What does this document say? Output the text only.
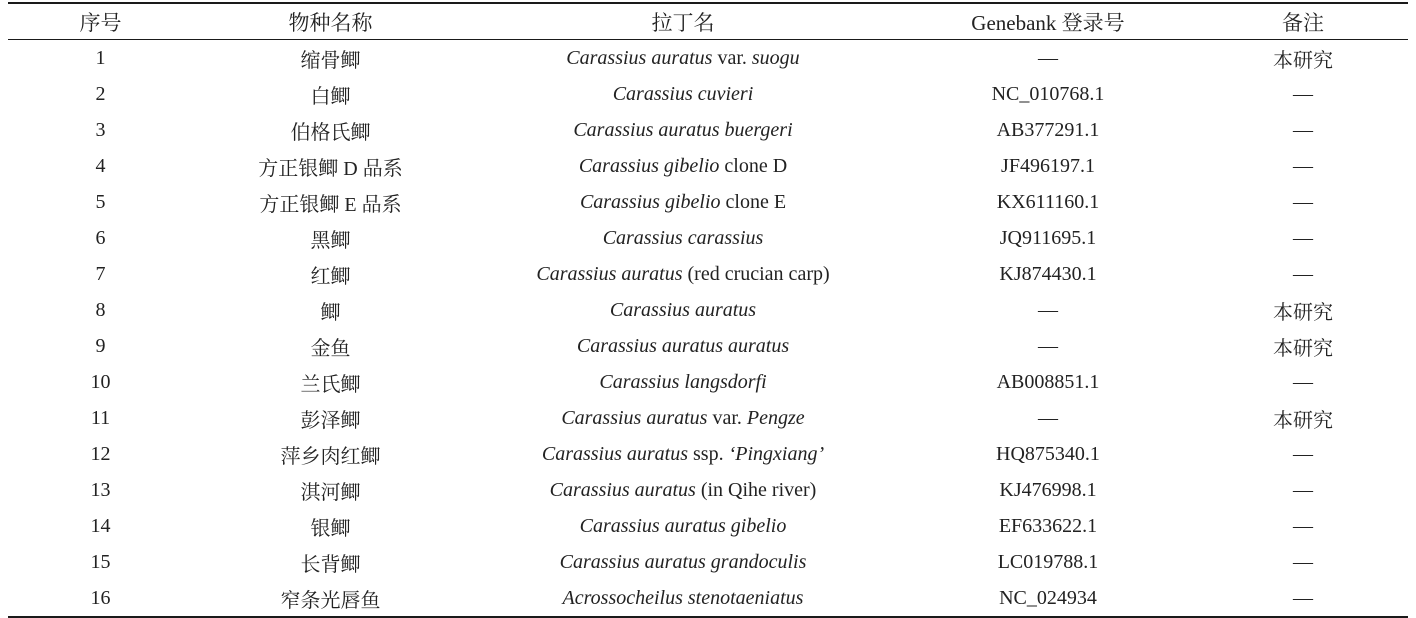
序号	物种名称	拉丁名	Genebank 登录号	备注
1	缩骨鲫	Carassius auratus var. suogu	—	本研究
2	白鲫	Carassius cuvieri	NC_010768.1	—
3	伯格氏鲫	Carassius auratus buergeri	AB377291.1	—
4	方正银鲫 D 品系	Carassius gibelio clone D	JF496197.1	—
5	方正银鲫 E 品系	Carassius gibelio clone E	KX611160.1	—
6	黑鲫	Carassius carassius	JQ911695.1	—
7	红鲫	Carassius auratus (red crucian carp)	KJ874430.1	—
8	鲫	Carassius auratus	—	本研究
9	金鱼	Carassius auratus auratus	—	本研究
10	兰氏鲫	Carassius langsdorfi	AB008851.1	—
11	彭泽鲫	Carassius auratus var. Pengze	—	本研究
12	萍乡肉红鲫	Carassius auratus ssp. ‘Pingxiang’	HQ875340.1	—
13	淇河鲫	Carassius auratus (in Qihe river)	KJ476998.1	—
14	银鲫	Carassius auratus gibelio	EF633622.1	—
15	长背鲫	Carassius auratus grandoculis	LC019788.1	—
16	窄条光唇鱼	Acrossocheilus stenotaeniatus	NC_024934	—
